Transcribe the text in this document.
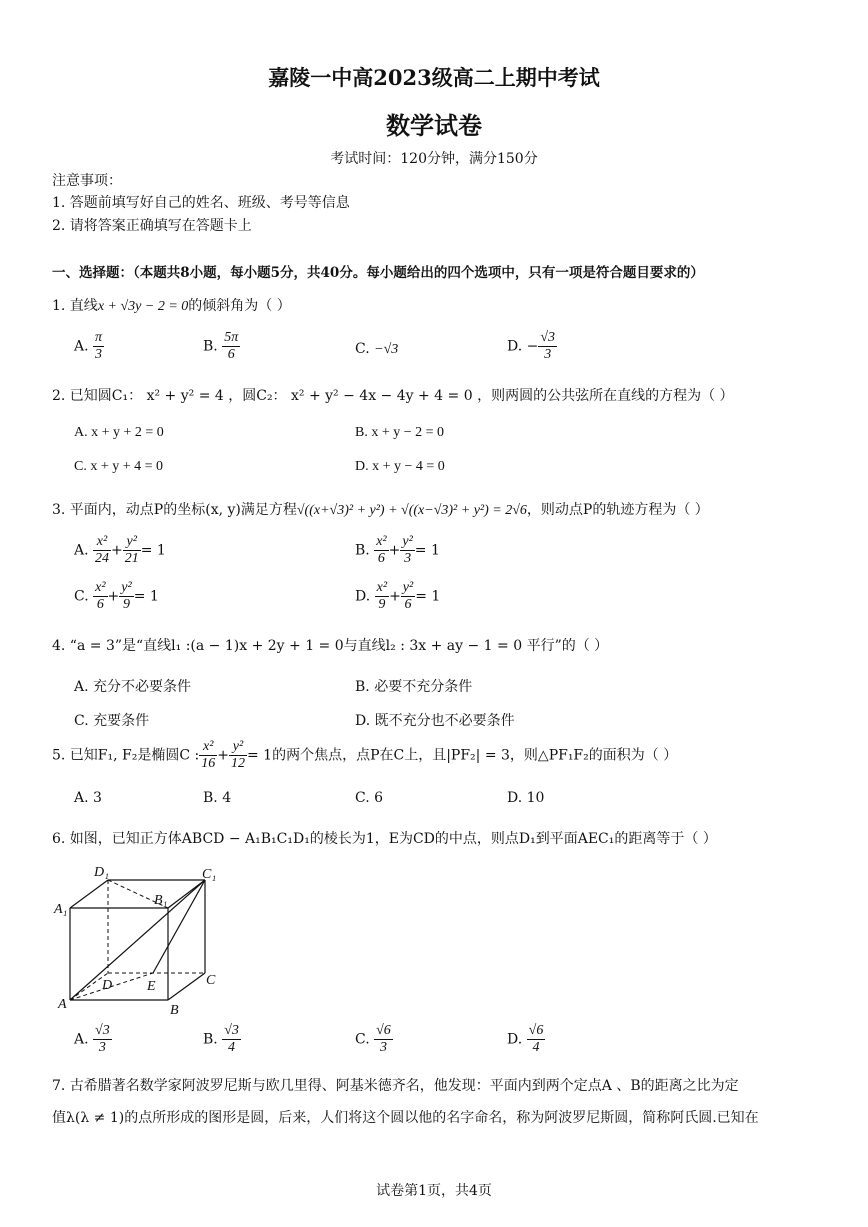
嘉陵一中高2023级高二上期中考试
数学试卷
考试时间：120分钟，满分150分
注意事项：
1. 答题前填写好自己的姓名、班级、考号等信息
2. 请将答案正确填写在答题卡上
一、选择题：（本题共8小题，每小题5分，共40分。每小题给出的四个选项中，只有一项是符合题目要求的）
1. 直线x + √3y − 2 = 0的倾斜角为（ ）
A. $\frac{\pi}{3}$	B. $\frac{5\pi}{6}$	C. −√3	D. − $\frac{√3}{3}$
2. 已知圆C₁： x² + y² = 4 ，圆C₂： x² + y² − 4x − 4y + 4 = 0 ，则两圆的公共弦所在直线的方程为（ ）
A. x + y + 2 = 0	B. x + y − 2 = 0
C. x + y + 4 = 0	D. x + y − 4 = 0
3. 平面内，动点P的坐标(x, y)满足方程√((x+√3)² + y²) + √((x−√3)² + y²) = 2√6，则动点P的轨迹方程为（ ）
A. $\frac{\text{x²}}{24} + \frac{\text{y²}}{21} = 1$	B. $\frac{\text{x²}}{6} + \frac{\text{y²}}{3} = 1$
C. $\frac{\text{x²}}{6} + \frac{\text{y²}}{9} = 1$	D. $\frac{\text{x²}}{9} + \frac{\text{y²}}{6} = 1$
4. “a = 3”是“直线l₁ :(a − 1)x + 2y + 1 = 0与直线l₂ : 3x + ay − 1 = 0 平行”的（ ）
A. 充分不必要条件	B. 必要不充分条件
C. 充要条件	D. 既不充分也不必要条件
5. 已知F₁, F₂是椭圆C : $\frac{\text{x²}}{16} + \frac{\text{y²}}{12} = 1$的两个焦点，点P在C上，且|PF₂| = 3，则△PF₁F₂的面积为（ ）
A. 3	B. 4	C. 6	D. 10
6. 如图，已知正方体ABCD − A₁B₁C₁D₁的棱长为1，E为CD的中点，则点D₁到平面AEC₁的距离等于（ ）
D₁	C₁
A₁
B₁
C
D E
A	B
A. $\frac{√3}{3}$	B. $\frac{√3}{4}$	C. $\frac{√6}{3}$	D. $\frac{√6}{4}$
7. 古希腊著名数学家阿波罗尼斯与欧几里得、阿基米德齐名，他发现：平面内到两个定点A 、B的距离之比为定
值λ(λ ≠ 1)的点所形成的图形是圆，后来，人们将这个圆以他的名字命名，称为阿波罗尼斯圆，简称阿氏圆.已知在
试卷第1页，共4页
